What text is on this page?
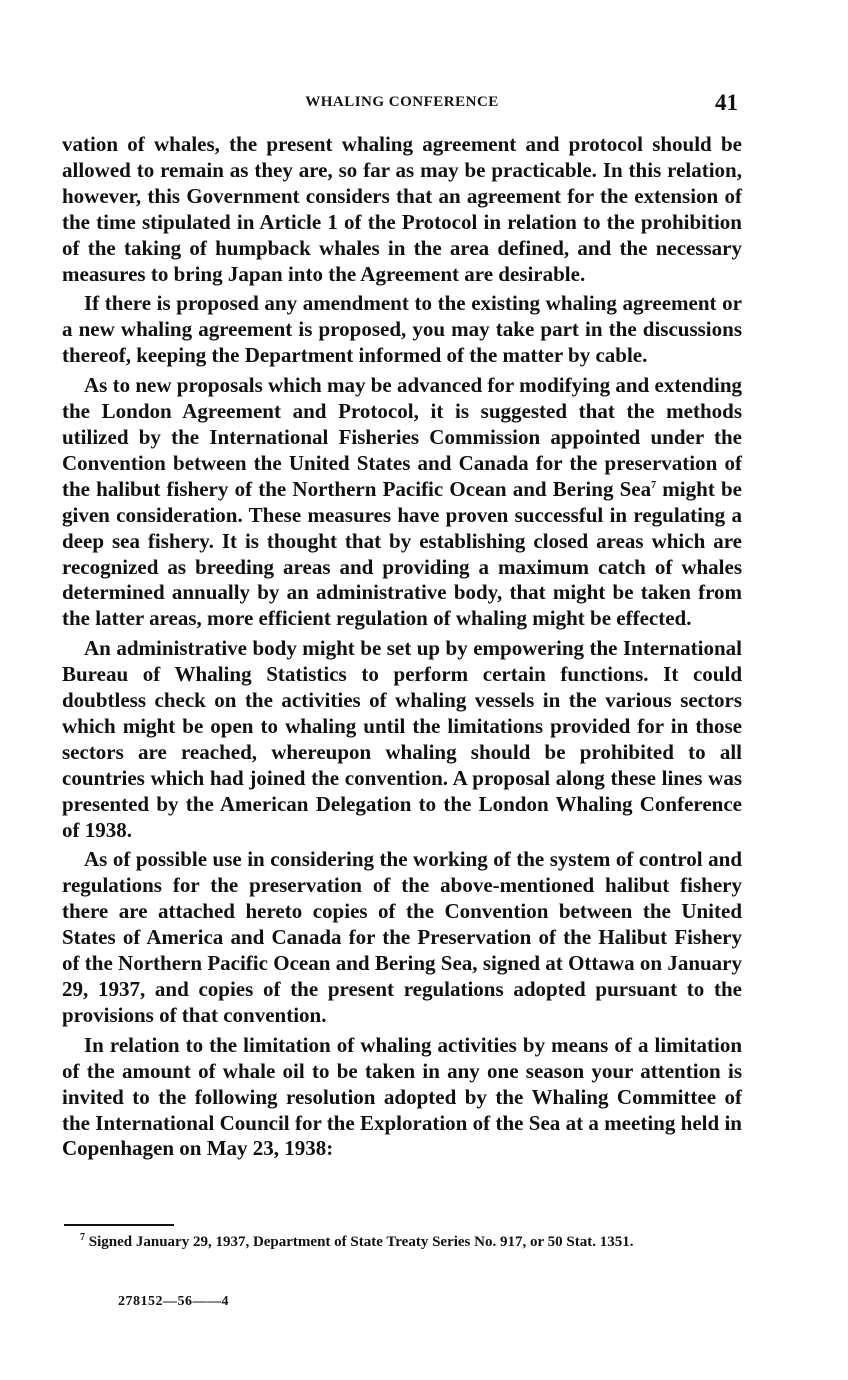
WHALING CONFERENCE	41

vation of whales, the present whaling agreement and protocol should be allowed to remain as they are, so far as may be practicable. In this relation, however, this Government considers that an agreement for the extension of the time stipulated in Article 1 of the Protocol in relation to the prohibition of the taking of humpback whales in the area defined, and the necessary measures to bring Japan into the Agreement are desirable.

If there is proposed any amendment to the existing whaling agreement or a new whaling agreement is proposed, you may take part in the discussions thereof, keeping the Department informed of the matter by cable.

As to new proposals which may be advanced for modifying and extending the London Agreement and Protocol, it is suggested that the methods utilized by the International Fisheries Commission appointed under the Convention between the United States and Canada for the preservation of the halibut fishery of the Northern Pacific Ocean and Bering Sea$^7$ might be given consideration. These measures have proven successful in regulating a deep sea fishery. It is thought that by establishing closed areas which are recognized as breeding areas and providing a maximum catch of whales determined annually by an administrative body, that might be taken from the latter areas, more efficient regulation of whaling might be effected.

An administrative body might be set up by empowering the International Bureau of Whaling Statistics to perform certain functions. It could doubtless check on the activities of whaling vessels in the various sectors which might be open to whaling until the limitations provided for in those sectors are reached, whereupon whaling should be prohibited to all countries which had joined the convention. A proposal along these lines was presented by the American Delegation to the London Whaling Conference of 1938.

As of possible use in considering the working of the system of control and regulations for the preservation of the above-mentioned halibut fishery there are attached hereto copies of the Convention between the United States of America and Canada for the Preservation of the Halibut Fishery of the Northern Pacific Ocean and Bering Sea, signed at Ottawa on January 29, 1937, and copies of the present regulations adopted pursuant to the provisions of that convention.

In relation to the limitation of whaling activities by means of a limitation of the amount of whale oil to be taken in any one season your attention is invited to the following resolution adopted by the Whaling Committee of the International Council for the Exploration of the Sea at a meeting held in Copenhagen on May 23, 1938:

$^7$ Signed January 29, 1937, Department of State Treaty Series No. 917, or 50 Stat. 1351.
278152—56——4
